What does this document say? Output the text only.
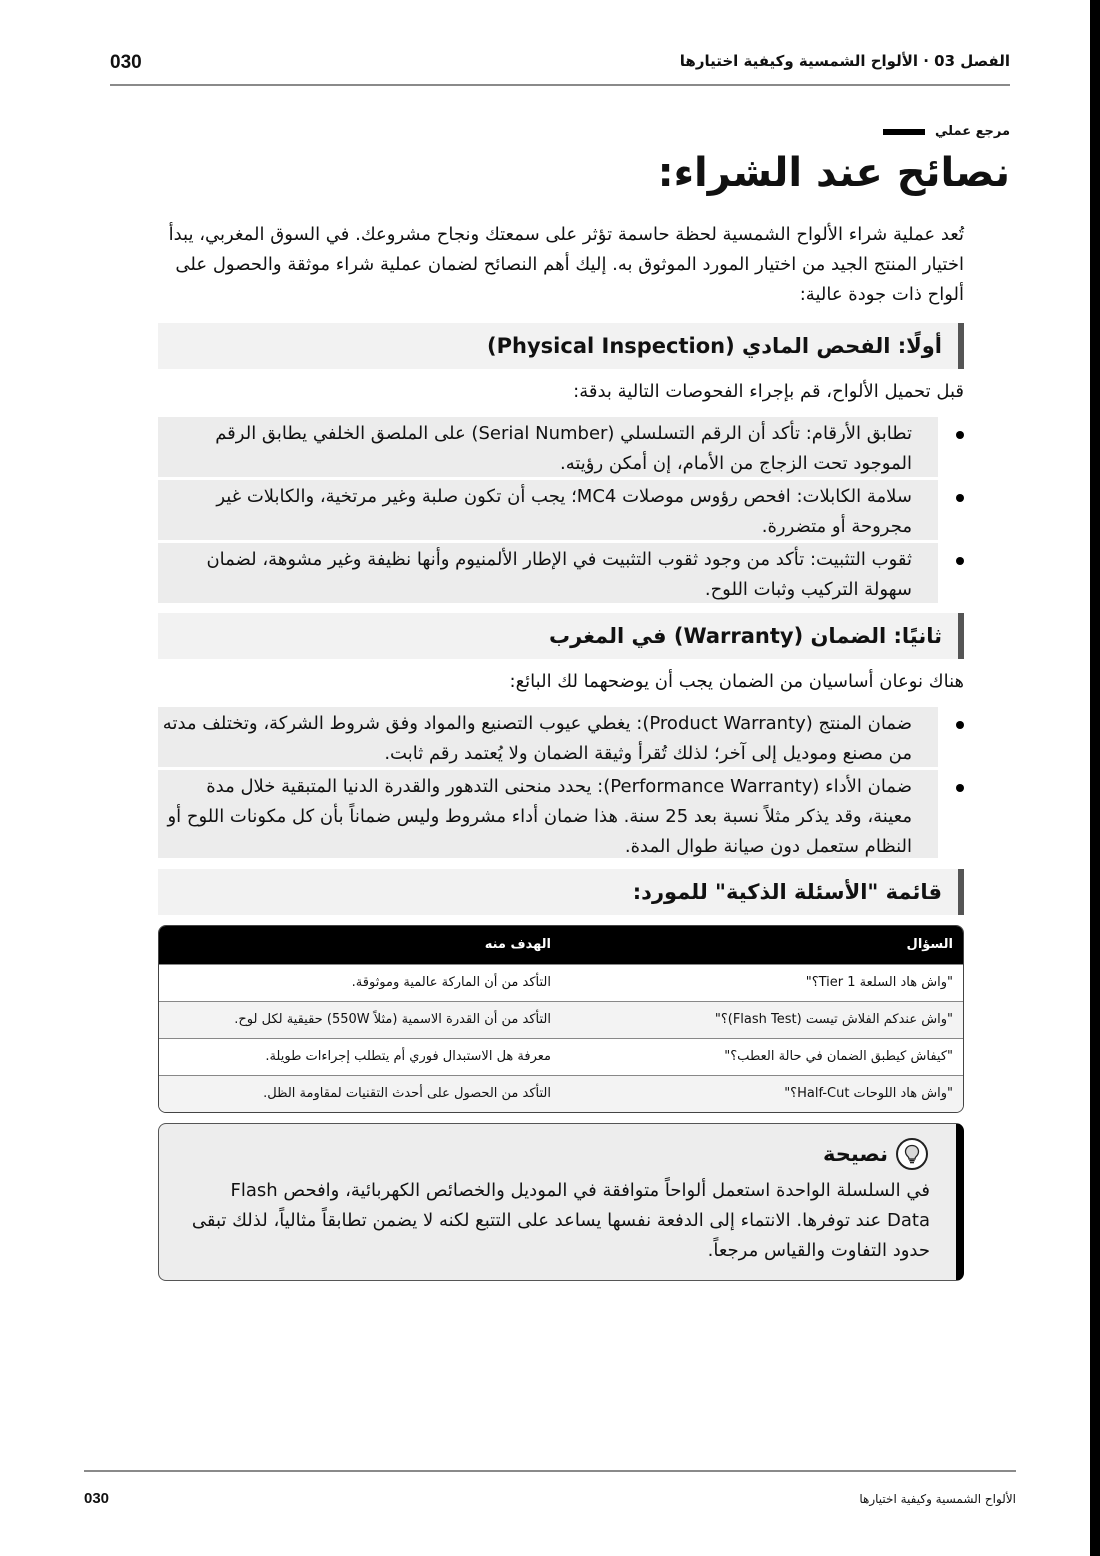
030	الفصل 03 · الألواح الشمسية وكيفية اختيارها
مرجع عملي
نصائح عند الشراء:

تُعد عملية شراء الألواح الشمسية لحظة حاسمة تؤثر على سمعتك ونجاح مشروعك. في السوق المغربي، يبدأ اختيار المنتج الجيد من اختيار المورد الموثوق به. إليك أهم النصائح لضمان عملية شراء موثقة والحصول على ألواح ذات جودة عالية:

أولًا: الفحص المادي (Physical Inspection)
قبل تحميل الألواح، قم بإجراء الفحوصات التالية بدقة:
تطابق الأرقام: تأكد أن الرقم التسلسلي (Serial Number) على الملصق الخلفي يطابق الرقم الموجود تحت الزجاج من الأمام، إن أمكن رؤيته.
سلامة الكابلات: افحص رؤوس موصلات MC4؛ يجب أن تكون صلبة وغير مرتخية، والكابلات غير مجروحة أو متضررة.
ثقوب التثبيت: تأكد من وجود ثقوب التثبيت في الإطار الألمنيوم وأنها نظيفة وغير مشوهة، لضمان سهولة التركيب وثبات اللوح.
ثانيًا: الضمان (Warranty) في المغرب
هناك نوعان أساسيان من الضمان يجب أن يوضحهما لك البائع:
ضمان المنتج (Product Warranty): يغطي عيوب التصنيع والمواد وفق شروط الشركة، وتختلف مدته من مصنع وموديل إلى آخر؛ لذلك تُقرأ وثيقة الضمان ولا يُعتمد رقم ثابت.
ضمان الأداء (Performance Warranty): يحدد منحنى التدهور والقدرة الدنيا المتبقية خلال مدة معينة، وقد يذكر مثلاً نسبة بعد 25 سنة. هذا ضمان أداء مشروط وليس ضماناً بأن كل مكونات اللوح أو النظام ستعمل دون صيانة طوال المدة.
قائمة "الأسئلة الذكية" للمورد:
السؤال
الهدف منه
"واش هاد السلعة Tier 1؟"
التأكد من أن الماركة عالمية وموثوقة.
"واش عندكم الفلاش تيست (Flash Test)؟"
التأكد من أن القدرة الاسمية (مثلاً 550W) حقيقية لكل لوح.
"كيفاش كيطبق الضمان في حالة العطب؟"
معرفة هل الاستبدال فوري أم يتطلب إجراءات طويلة.
"واش هاد اللوحات Half-Cut؟"
التأكد من الحصول على أحدث التقنيات لمقاومة الظل.
نصيحة
في السلسلة الواحدة استعمل ألواحاً متوافقة في الموديل والخصائص الكهربائية، وافحص Flash Data عند توفرها. الانتماء إلى الدفعة نفسها يساعد على التتبع لكنه لا يضمن تطابقاً مثالياً، لذلك تبقى حدود التفاوت والقياس مرجعاً.
030	الألواح الشمسية وكيفية اختيارها
